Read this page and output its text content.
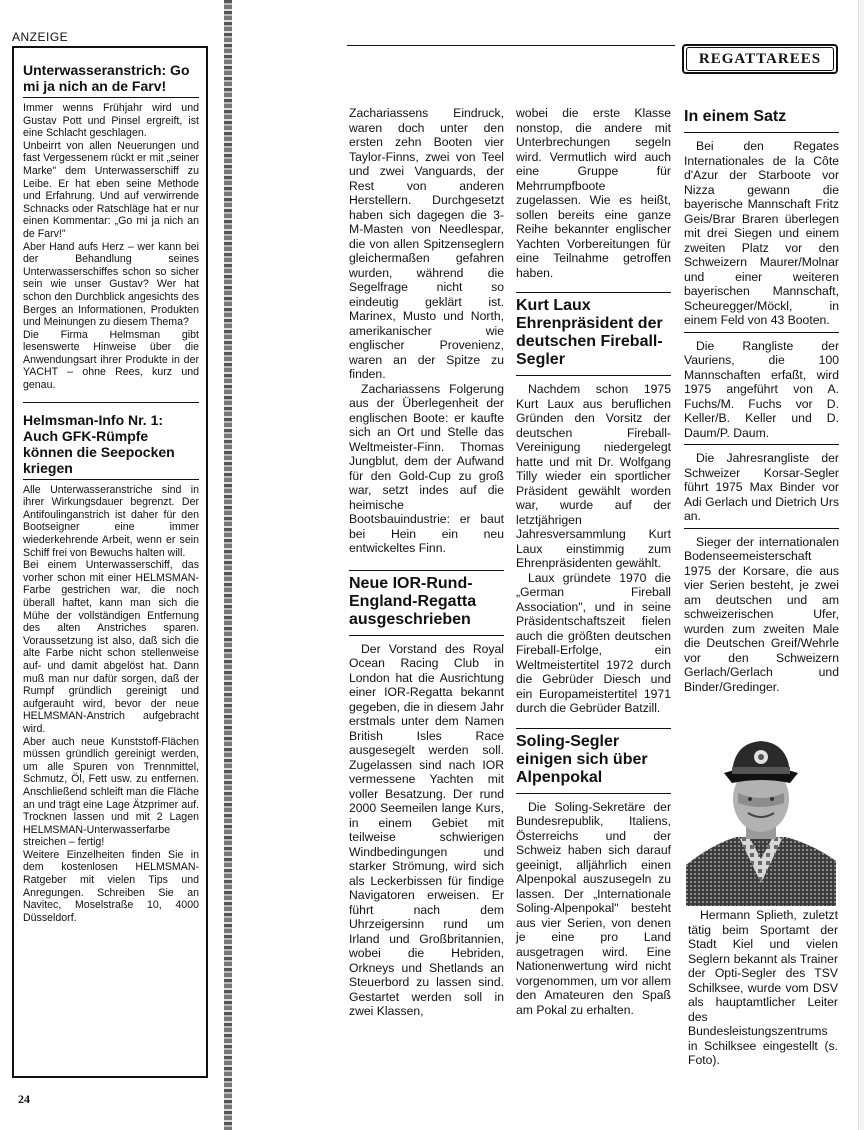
ANZEIGE
Unterwasseranstrich: Go mi ja nich an de Farv!

Immer wenns Frühjahr wird und Gustav Pott und Pinsel ergreift, ist eine Schlacht geschlagen.

Unbeirrt von allen Neuerungen und fast Vergessenem rückt er mit „seiner Marke" dem Unterwasserschiff zu Leibe. Er hat eben seine Methode und Erfahrung. Und auf verwirrende Schnacks oder Ratschläge hat er nur einen Kommentar: „Go mi ja nich an de Farv!"

Aber Hand aufs Herz – wer kann bei der Behandlung seines Unterwasserschiffes schon so sicher sein wie unser Gustav? Wer hat schon den Durchblick angesichts des Berges an Informationen, Produkten und Meinungen zu diesem Thema?

Die Firma Helmsman gibt lesenswerte Hinweise über die Anwendungsart ihrer Produkte in der YACHT – ohne Rees, kurz und genau.

Helmsman-Info Nr. 1: Auch GFK-Rümpfe können die Seepocken kriegen

Alle Unterwasseranstriche sind in ihrer Wirkungsdauer begrenzt. Der Antifoulinganstrich ist daher für den Bootseigner eine immer wiederkehrende Arbeit, wenn er sein Schiff frei von Bewuchs halten will.

Bei einem Unterwasserschiff, das vorher schon mit einer HELMSMAN-Farbe gestrichen war, die noch überall haftet, kann man sich die Mühe der vollständigen Entfernung des alten Anstriches sparen. Voraussetzung ist also, daß sich die alte Farbe nicht schon stellenweise auf- und damit abgelöst hat. Dann muß man nur dafür sorgen, daß der Rumpf gründlich gereinigt und aufgerauht wird, bevor der neue HELMSMAN-Anstrich aufgebracht wird.

Aber auch neue Kunststoff-Flächen müssen gründlich gereinigt werden, um alle Spuren von Trennmittel, Schmutz, Öl, Fett usw. zu entfernen. Anschließend schleift man die Fläche an und trägt eine Lage Ätzprimer auf. Trocknen lassen und mit 2 Lagen HELMSMAN-Unterwasserfarbe streichen – fertig!

Weitere Einzelheiten finden Sie in dem kostenlosen HELMSMAN-Ratgeber mit vielen Tips und Anregungen. Schreiben Sie an Navitec, Moselstraße 10, 4000 Düsseldorf.

24
REGATTAREES

Zachariassens Eindruck, waren doch unter den ersten zehn Booten vier Taylor-Finns, zwei von Teel und zwei Vanguards, der Rest von anderen Herstellern. Durchgesetzt haben sich dagegen die 3-M-Masten von Needlespar, die von allen Spitzenseglern gleichermaßen gefahren wurden, während die Segelfrage nicht so eindeutig geklärt ist. Marinex, Musto und North, amerikanischer wie englischer Provenienz, waren an der Spitze zu finden.

Zachariassens Folgerung aus der Überlegenheit der englischen Boote: er kaufte sich an Ort und Stelle das Weltmeister-Finn. Thomas Jungblut, dem der Aufwand für den Gold-Cup zu groß war, setzt indes auf die heimische Bootsbauindustrie: er baut bei Hein ein neu entwickeltes Finn.

Neue IOR-Rund-England-Regatta ausgeschrieben
Der Vorstand des Royal Ocean Racing Club in London hat die Ausrichtung einer IOR-Regatta bekannt gegeben, die in diesem Jahr erstmals unter dem Namen British Isles Race ausgesegelt werden soll. Zugelassen sind nach IOR vermessene Yachten mit voller Besatzung. Der rund 2000 Seemeilen lange Kurs, in einem Gebiet mit teilweise schwierigen Windbedingungen und starker Strömung, wird sich als Leckerbissen für findige Navigatoren erweisen. Er führt nach dem Uhrzeigersinn rund um Irland und Großbritannien, wobei die Hebriden, Orkneys und Shetlands an Steuerbord zu lassen sind. Gestartet werden soll in zwei Klassen,
wobei die erste Klasse nonstop, die andere mit Unterbrechungen segeln wird. Vermutlich wird auch eine Gruppe für Mehrrumpfboote zugelassen. Wie es heißt, sollen bereits eine ganze Reihe bekannter englischer Yachten Vorbereitungen für eine Teilnahme getroffen haben.
Kurt Laux Ehrenpräsident der deutschen Fireball-Segler

Nachdem schon 1975 Kurt Laux aus beruflichen Gründen den Vorsitz der deutschen Fireball-Vereinigung niedergelegt hatte und mit Dr. Wolfgang Tilly wieder ein sportlicher Präsident gewählt worden war, wurde auf der letztjährigen Jahresversammlung Kurt Laux einstimmig zum Ehrenpräsidenten gewählt.

Laux gründete 1970 die „German Fireball Association", und in seine Präsidentschaftszeit fielen auch die größten deutschen Fireball-Erfolge, ein Weltmeistertitel 1972 durch die Gebrüder Diesch und ein Europameistertitel 1971 durch die Gebrüder Batzill.

Soling-Segler einigen sich über Alpenpokal
Die Soling-Sekretäre der Bundesrepublik, Italiens, Österreichs und der Schweiz haben sich darauf geeinigt, alljährlich einen Alpenpokal auszusegeln zu lassen. Der „Internationale Soling-Alpenpokal" besteht aus vier Serien, von denen je eine pro Land ausgetragen wird. Eine Nationenwertung wird nicht vorgenommen, um vor allem den Amateuren den Spaß am Pokal zu erhalten.
In einem Satz
Bei den Regates Internationales de la Côte d'Azur der Starboote vor Nizza gewann die bayerische Mannschaft Fritz Geis/Brar Braren überlegen mit drei Siegen und einem zweiten Platz vor den Schweizern Maurer/Molnar und einer weiteren bayerischen Mannschaft, Scheuregger/Möckl, in einem Feld von 43 Booten.
Die Rangliste der Vauriens, die 100 Mannschaften erfaßt, wird 1975 angeführt von A. Fuchs/M. Fuchs vor D. Keller/B. Keller und D. Daum/P. Daum.
Die Jahresrangliste der Schweizer Korsar-Segler führt 1975 Max Binder vor Adi Gerlach und Dietrich Urs an.
Sieger der internationalen Bodenseemeisterschaft 1975 der Korsare, die aus vier Serien besteht, je zwei am deutschen und am schweizerischen Ufer, wurden zum zweiten Male die Deutschen Greif/Wehrle vor den Schweizern Gerlach/Gerlach und Binder/Gredinger.
Hermann Splieth, zuletzt tätig beim Sportamt der Stadt Kiel und vielen Seglern bekannt als Trainer der Opti-Segler des TSV Schilksee, wurde vom DSV als hauptamtlicher Leiter des Bundesleistungszentrums in Schilksee eingestellt (s. Foto).
